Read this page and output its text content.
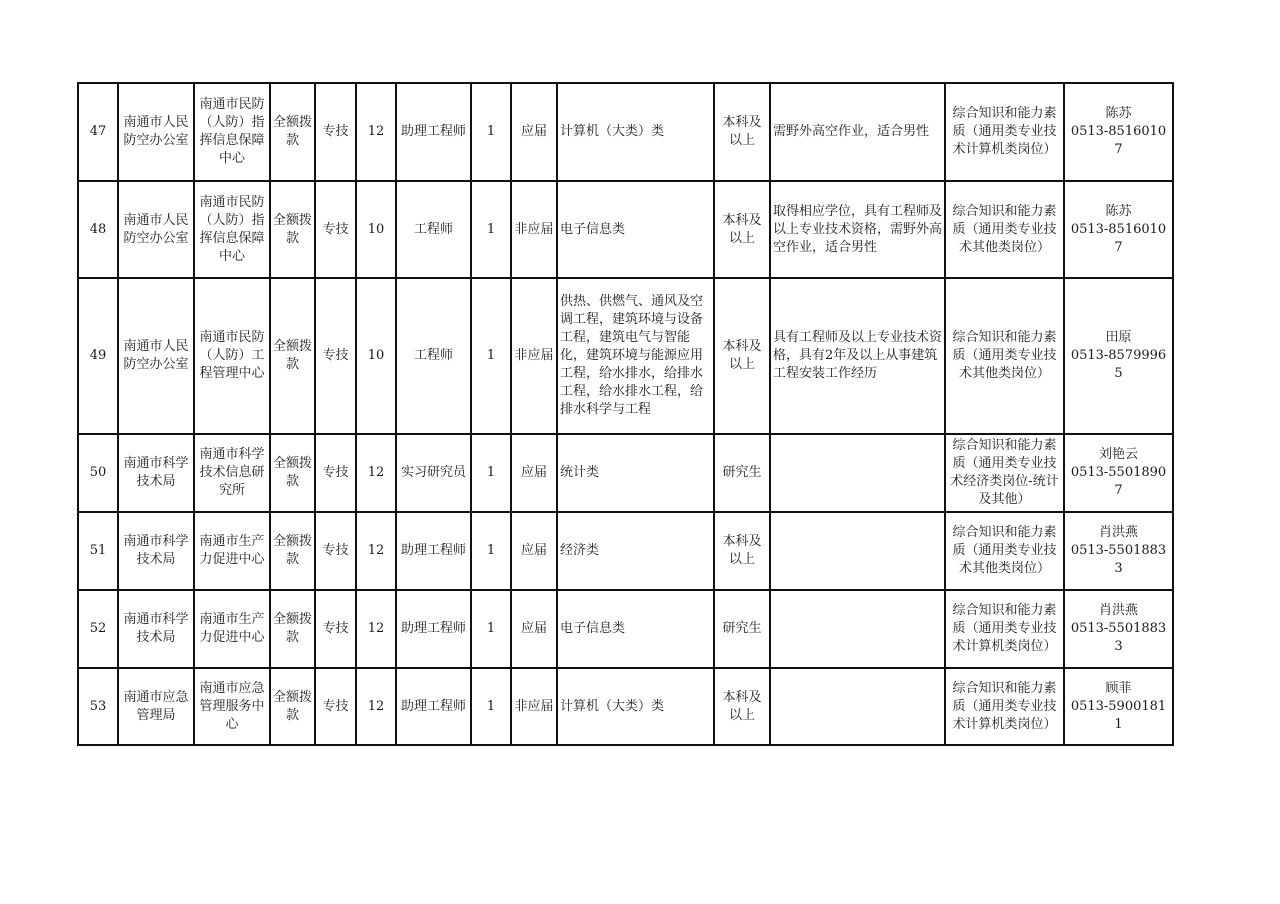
47	南通市人民防空办公室	南通市民防（人防）指挥信息保障中心	全额拨款	专技	12	助理工程师	1	应届	计算机（大类）类	本科及以上	需野外高空作业，适合男性	综合知识和能力素质（通用类专业技术计算机类岗位）	陈苏
0513-85160107

48	南通市人民防空办公室	南通市民防（人防）指挥信息保障中心	全额拨款	专技	10	工程师	1	非应届	电子信息类	本科及以上	取得相应学位，具有工程师及以上专业技术资格，需野外高空作业，适合男性	综合知识和能力素质（通用类专业技术其他类岗位）	陈苏
0513-85160107

49	南通市人民防空办公室	南通市民防（人防）工程管理中心	全额拨款	专技	10	工程师	1	非应届	供热、供燃气、通风及空调工程，建筑环境与设备工程，建筑电气与智能化，建筑环境与能源应用工程，给水排水，给排水工程，给水排水工程，给排水科学与工程	本科及以上	具有工程师及以上专业技术资格，具有2年及以上从事建筑工程安装工作经历	综合知识和能力素质（通用类专业技术其他类岗位）	田原
0513-85799965

50	南通市科学技术局	南通市科学技术信息研究所	全额拨款	专技	12	实习研究员	1	应届	统计类	研究生		综合知识和能力素质（通用类专业技术经济类岗位-统计及其他）	刘艳云
0513-55018907

51	南通市科学技术局	南通市生产力促进中心	全额拨款	专技	12	助理工程师	1	应届	经济类	本科及以上		综合知识和能力素质（通用类专业技术其他类岗位）	肖洪燕
0513-55018833

52	南通市科学技术局	南通市生产力促进中心	全额拨款	专技	12	助理工程师	1	应届	电子信息类	研究生		综合知识和能力素质（通用类专业技术计算机类岗位）	肖洪燕
0513-55018833

53	南通市应急管理局	南通市应急管理服务中心	全额拨款	专技	12	助理工程师	1	非应届	计算机（大类）类	本科及以上		综合知识和能力素质（通用类专业技术计算机类岗位）	顾菲
0513-59001811
